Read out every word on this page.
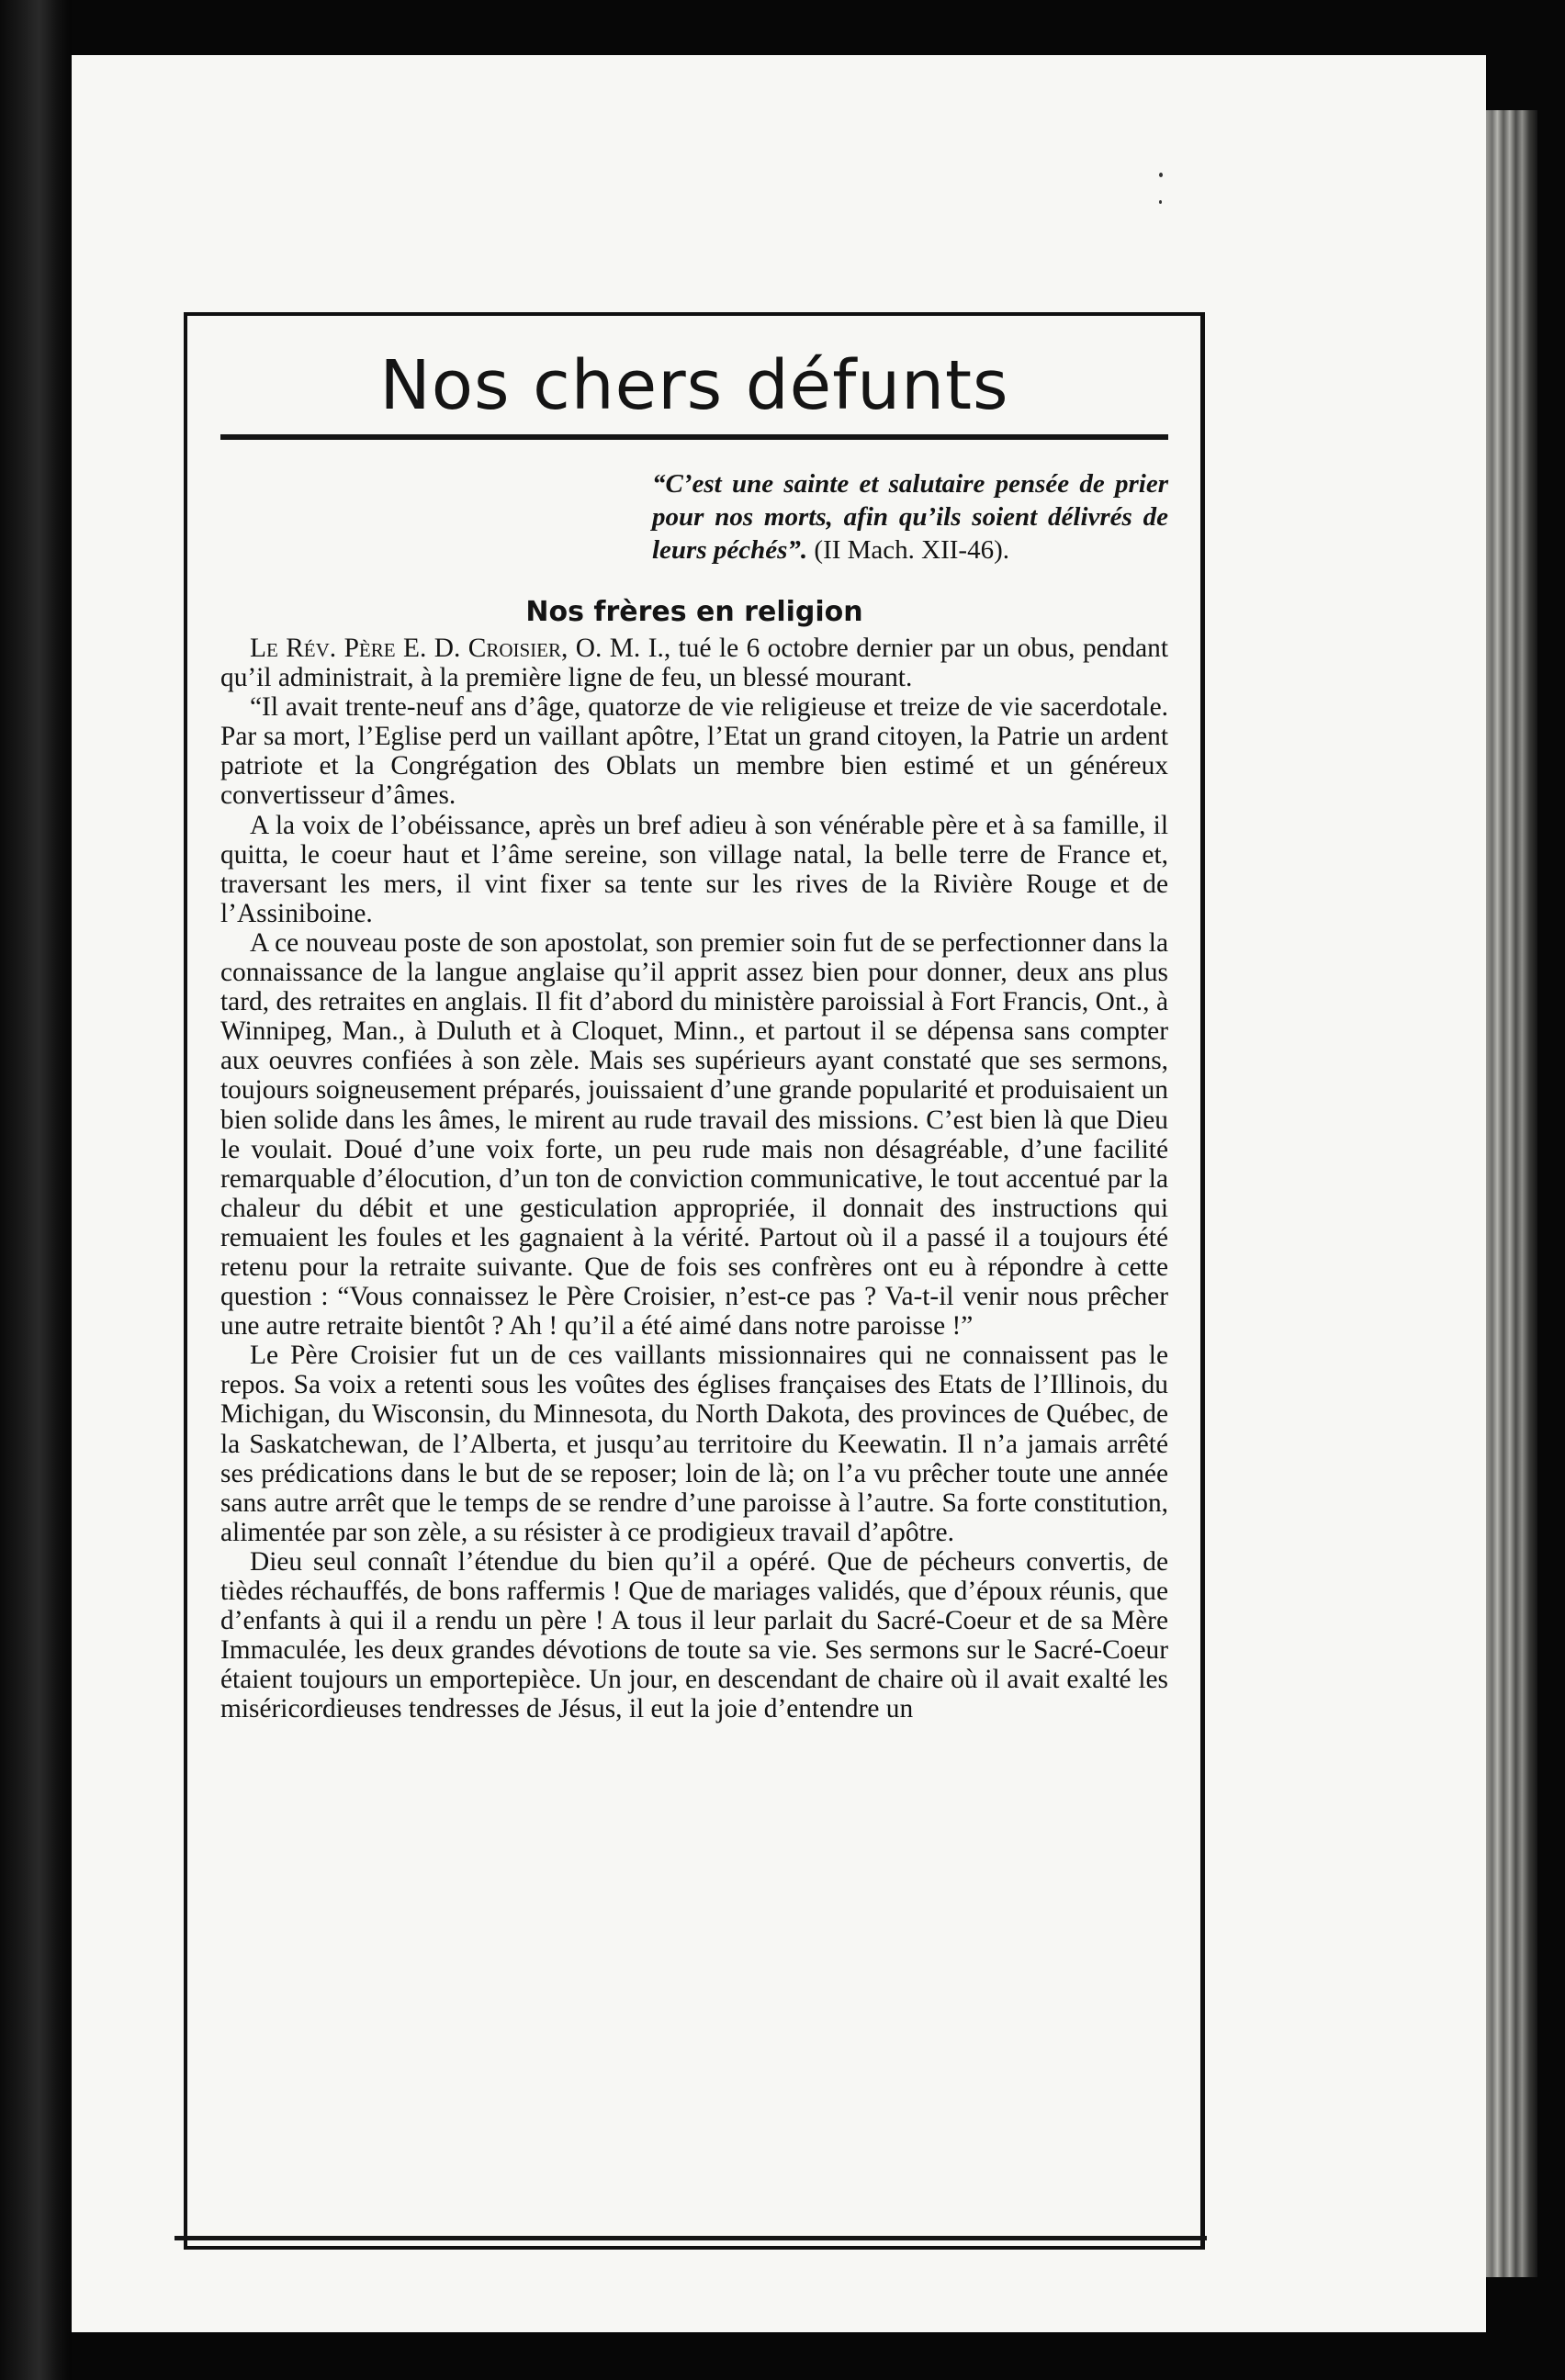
Nos chers défunts
“C’est une sainte et salutaire pensée de prier pour nos morts, afin qu’ils soient délivrés de leurs péchés”. (II Mach. XII-46).
Nos frères en religion

Le Rév. Père E. D. Croisier, O. M. I., tué le 6 octobre dernier par un obus, pendant qu’il administrait, à la première ligne de feu, un blessé mourant.

“Il avait trente-neuf ans d’âge, quatorze de vie religieuse et treize de vie sacerdotale. Par sa mort, l’Eglise perd un vaillant apôtre, l’Etat un grand citoyen, la Patrie un ardent patriote et la Congrégation des Oblats un membre bien estimé et un généreux convertisseur d’âmes.

A la voix de l’obéissance, après un bref adieu à son vénérable père et à sa famille, il quitta, le coeur haut et l’âme sereine, son village natal, la belle terre de France et, traversant les mers, il vint fixer sa tente sur les rives de la Rivière Rouge et de l’Assiniboine.

A ce nouveau poste de son apostolat, son premier soin fut de se perfectionner dans la connaissance de la langue anglaise qu’il apprit assez bien pour donner, deux ans plus tard, des retraites en anglais. Il fit d’abord du ministère paroissial à Fort Francis, Ont., à Winnipeg, Man., à Duluth et à Cloquet, Minn., et partout il se dépensa sans compter aux oeuvres confiées à son zèle. Mais ses supérieurs ayant constaté que ses sermons, toujours soigneusement préparés, jouissaient d’une grande popularité et produisaient un bien solide dans les âmes, le mirent au rude travail des missions. C’est bien là que Dieu le voulait. Doué d’une voix forte, un peu rude mais non désagréable, d’une facilité remarquable d’élocution, d’un ton de conviction communicative, le tout accentué par la chaleur du débit et une gesticulation appropriée, il donnait des instructions qui remuaient les foules et les gagnaient à la vérité. Partout où il a passé il a toujours été retenu pour la retraite suivante. Que de fois ses confrères ont eu à répondre à cette question : “Vous connaissez le Père Croisier, n’est-ce pas ? Va-t-il venir nous prêcher une autre retraite bientôt ? Ah ! qu’il a été aimé dans notre paroisse !”

Le Père Croisier fut un de ces vaillants missionnaires qui ne connaissent pas le repos. Sa voix a retenti sous les voûtes des églises françaises des Etats de l’Illinois, du Michigan, du Wisconsin, du Minnesota, du North Dakota, des provinces de Québec, de la Saskatchewan, de l’Alberta, et jusqu’au territoire du Keewatin. Il n’a jamais arrêté ses prédications dans le but de se reposer; loin de là; on l’a vu prêcher toute une année sans autre arrêt que le temps de se rendre d’une paroisse à l’autre. Sa forte constitution, alimentée par son zèle, a su résister à ce prodigieux travail d’apôtre.

Dieu seul connaît l’étendue du bien qu’il a opéré. Que de pécheurs convertis, de tièdes réchauffés, de bons raffermis ! Que de mariages validés, que d’époux réunis, que d’enfants à qui il a rendu un père ! A tous il leur parlait du Sacré-Coeur et de sa Mère Immaculée, les deux grandes dévotions de toute sa vie. Ses sermons sur le Sacré-Coeur étaient toujours un emportepièce. Un jour, en descendant de chaire où il avait exalté les miséricordieuses tendresses de Jésus, il eut la joie d’entendre un
